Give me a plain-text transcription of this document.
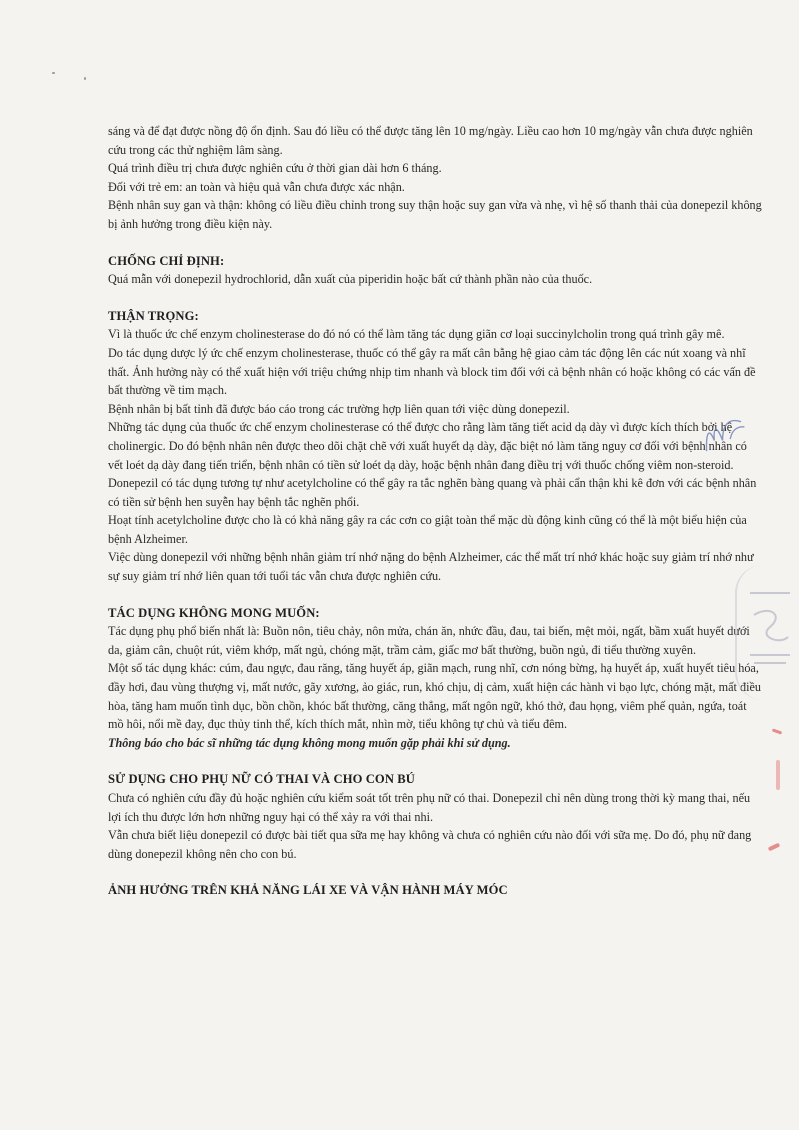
sáng và để đạt được nồng độ ổn định. Sau đó liều có thể được tăng lên 10 mg/ngày. Liều cao hơn 10 mg/ngày vẫn chưa được nghiên cứu trong các thử nghiệm lâm sàng.

Quá trình điều trị chưa được nghiên cứu ở thời gian dài hơn 6 tháng.

Đối với trẻ em: an toàn và hiệu quả vẫn chưa được xác nhận.

Bệnh nhân suy gan và thận: không có liều điều chỉnh trong suy thận hoặc suy gan vừa và nhẹ, vì hệ số thanh thải của donepezil không bị ảnh hưởng trong điều kiện này.

CHỐNG CHỈ ĐỊNH:

Quá mẫn với donepezil hydrochlorid, dẫn xuất của piperidin hoặc bất cứ thành phần nào của thuốc.

THẬN TRỌNG:

Vì là thuốc ức chế enzym cholinesterase do đó nó có thể làm tăng tác dụng giãn cơ loại succinylcholin trong quá trình gây mê.

Do tác dụng dược lý ức chế enzym cholinesterase, thuốc có thể gây ra mất cân bằng hệ giao cảm tác động lên các nút xoang và nhĩ thất. Ảnh hưởng này có thể xuất hiện với triệu chứng nhịp tim nhanh và block tim đối với cả bệnh nhân có hoặc không có các vấn đề bất thường về tim mạch.

Bệnh nhân bị bất tỉnh đã được báo cáo trong các trường hợp liên quan tới việc dùng donepezil.

Những tác dụng của thuốc ức chế enzym cholinesterase có thể được cho rằng làm tăng tiết acid dạ dày vì được kích thích bởi hệ cholinergic. Do đó bệnh nhân nên được theo dõi chặt chẽ với xuất huyết dạ dày, đặc biệt nó làm tăng nguy cơ đối với bệnh nhân có vết loét dạ dày đang tiến triển, bệnh nhân có tiền sử loét dạ dày, hoặc bệnh nhân đang điều trị với thuốc chống viêm non-steroid.

Donepezil có tác dụng tương tự như acetylcholine có thể gây ra tắc nghẽn bàng quang và phải cẩn thận khi kê đơn với các bệnh nhân có tiền sử bệnh hen suyễn hay bệnh tắc nghẽn phổi.

Hoạt tính acetylcholine được cho là có khả năng gây ra các cơn co giật toàn thể mặc dù động kinh cũng có thể là một biểu hiện của bệnh Alzheimer.

Việc dùng donepezil với những bệnh nhân giảm trí nhớ nặng do bệnh Alzheimer, các thể mất trí nhớ khác hoặc suy giảm trí nhớ như sự suy giảm trí nhớ liên quan tới tuổi tác vẫn chưa được nghiên cứu.

TÁC DỤNG KHÔNG MONG MUỐN:

Tác dụng phụ phổ biến nhất là: Buồn nôn, tiêu chảy, nôn mửa, chán ăn, nhức đầu, đau, tai biến, mệt mỏi, ngất, bầm xuất huyết dưới da, giảm cân, chuột rút, viêm khớp, mất ngủ, chóng mặt, trầm cảm, giấc mơ bất thường, buồn ngủ, đi tiểu thường xuyên.

Một số tác dụng khác: cúm, đau ngực, đau răng, tăng huyết áp, giãn mạch, rung nhĩ, cơn nóng bừng, hạ huyết áp, xuất huyết tiêu hóa, đầy hơi, đau vùng thượng vị, mất nước, gãy xương, ảo giác, run, khó chịu, dị cảm, xuất hiện các hành vi bạo lực, chóng mặt, mất điều hòa, tăng ham muốn tình dục, bồn chồn, khóc bất thường, căng thẳng, mất ngôn ngữ, khó thở, đau họng, viêm phế quản, ngứa, toát mồ hôi, nổi mề đay, đục thủy tinh thể, kích thích mắt, nhìn mờ, tiểu không tự chủ và tiểu đêm.

Thông báo cho bác sĩ những tác dụng không mong muốn gặp phải khi sử dụng.

SỬ DỤNG CHO PHỤ NỮ CÓ THAI VÀ CHO CON BÚ

Chưa có nghiên cứu đầy đủ hoặc nghiên cứu kiểm soát tốt trên phụ nữ có thai. Donepezil chỉ nên dùng trong thời kỳ mang thai, nếu lợi ích thu được lớn hơn những nguy hại có thể xảy ra với thai nhi.

Vẫn chưa biết liệu donepezil có được bài tiết qua sữa mẹ hay không và chưa có nghiên cứu nào đối với sữa mẹ. Do đó, phụ nữ đang dùng donepezil không nên cho con bú.

ẢNH HƯỞNG TRÊN KHẢ NĂNG LÁI XE VÀ VẬN HÀNH MÁY MÓC
